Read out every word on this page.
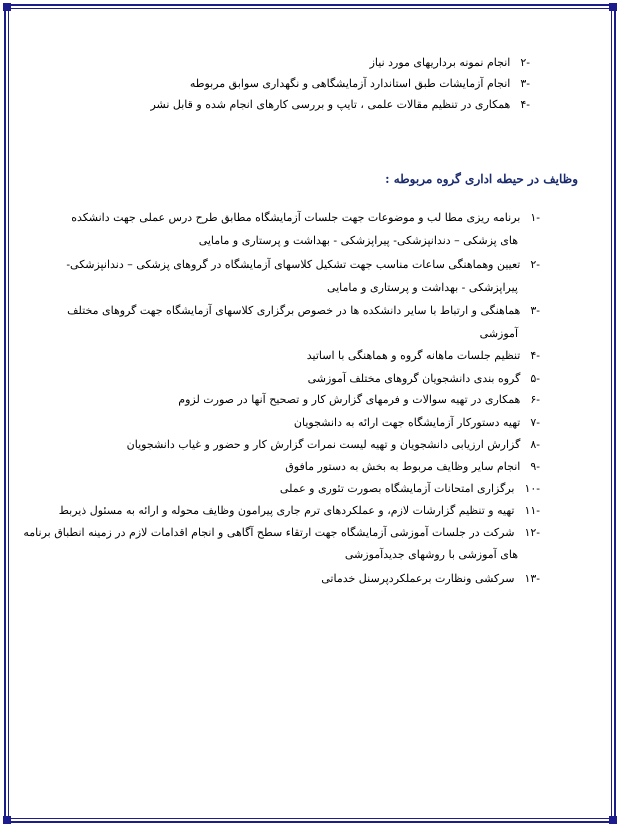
-٢انجام نمونه برداریهای مورد نیاز
-٣انجام آزمایشات طبق استاندارد آزمایشگاهی و نگهداری سوابق مربوطه
-۴همکاری در تنظیم مقالات علمی ، تایپ و بررسی کارهای انجام شده و قابل نشر
وظایف در حیطه اداری گروه مربوطه :
-١برنامه ریزی مطا لب و موضوعات جهت جلسات آزمایشگاه مطابق طرح درس عملی جهت دانشکده
های پزشکی – دندانپزشکی- پیراپزشکی - بهداشت و پرستاری و مامایی
-٢تعیین وهماهنگی ساعات مناسب جهت تشکیل کلاسهای آزمایشگاه در گروهای پزشکی – دندانپزشکی-
پیراپزشکی - بهداشت و پرستاری و مامایی
-٣هماهنگی و ارتباط با سایر دانشکده ها در خصوص برگزاری کلاسهای آزمایشگاه جهت گروهای مختلف
آموزشی
-۴تنظیم جلسات ماهانه گروه و هماهنگی با اساتید
-۵گروه بندی دانشجویان گروهای مختلف آموزشی
-۶همکاری در تهیه سوالات و فرمهای گزارش کار و تصحیح آنها در صورت لزوم
-٧تهیه دستورکار آزمایشگاه جهت ارائه به دانشجویان
-٨گزارش ارزیابی دانشجویان و تهیه لیست نمرات گزارش کار و حضور و غیاب دانشجویان
-٩انجام سایر وظایف مربوط به بخش به دستور مافوق
-١٠برگزاری امتحانات آزمایشگاه بصورت تئوری و عملی
-١١تهیه و تنظیم گزارشات لازم، و عملکردهای ترم جاری پیرامون وظایف محوله و ارائه به مسئول ذیربط
-١٢شرکت در جلسات آموزشی آزمایشگاه جهت ارتقاء سطح آگاهی و انجام اقدامات لازم در زمینه انطباق برنامه
های آموزشی با روشهای جدیدآموزشی
-١٣سرکشی ونظارت برعملکردپرسنل خدماتی
